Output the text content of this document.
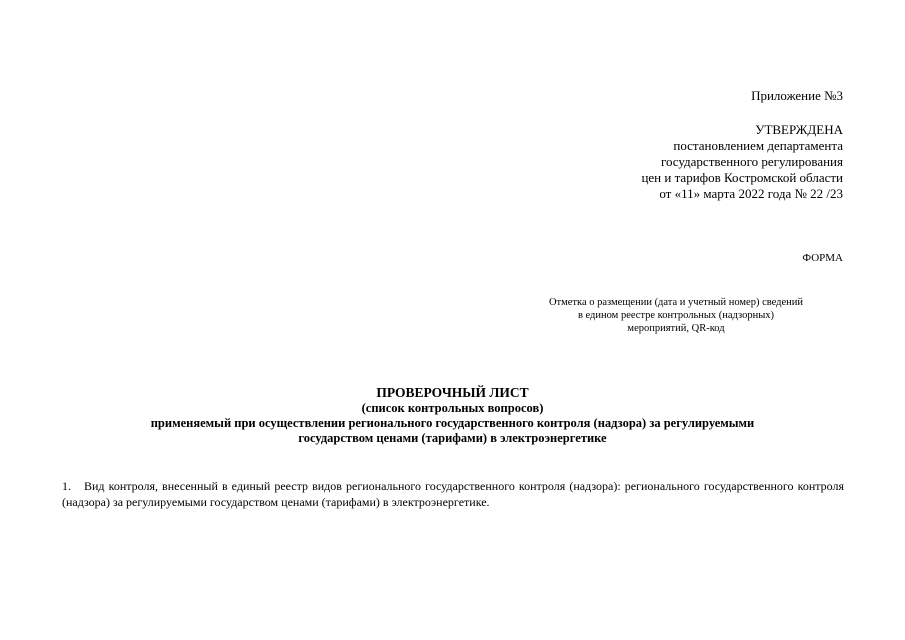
Приложение №3
УТВЕРЖДЕНА
постановлением департамента
государственного регулирования
цен и тарифов Костромской области
от «11» марта 2022 года № 22 /23
ФОРМА
Отметка о размещении (дата и учетный номер) сведений
в едином реестре контрольных (надзорных)
мероприятий, QR-код
ПРОВЕРОЧНЫЙ ЛИСТ
(список контрольных вопросов)
применяемый при осуществлении регионального государственного контроля (надзора) за регулируемыми
государством ценами (тарифами) в электроэнергетике
1. Вид контроля, внесенный в единый реестр видов регионального государственного контроля (надзора): регионального государственного контроля (надзора) за регулируемыми государством ценами (тарифами) в электроэнергетике.
